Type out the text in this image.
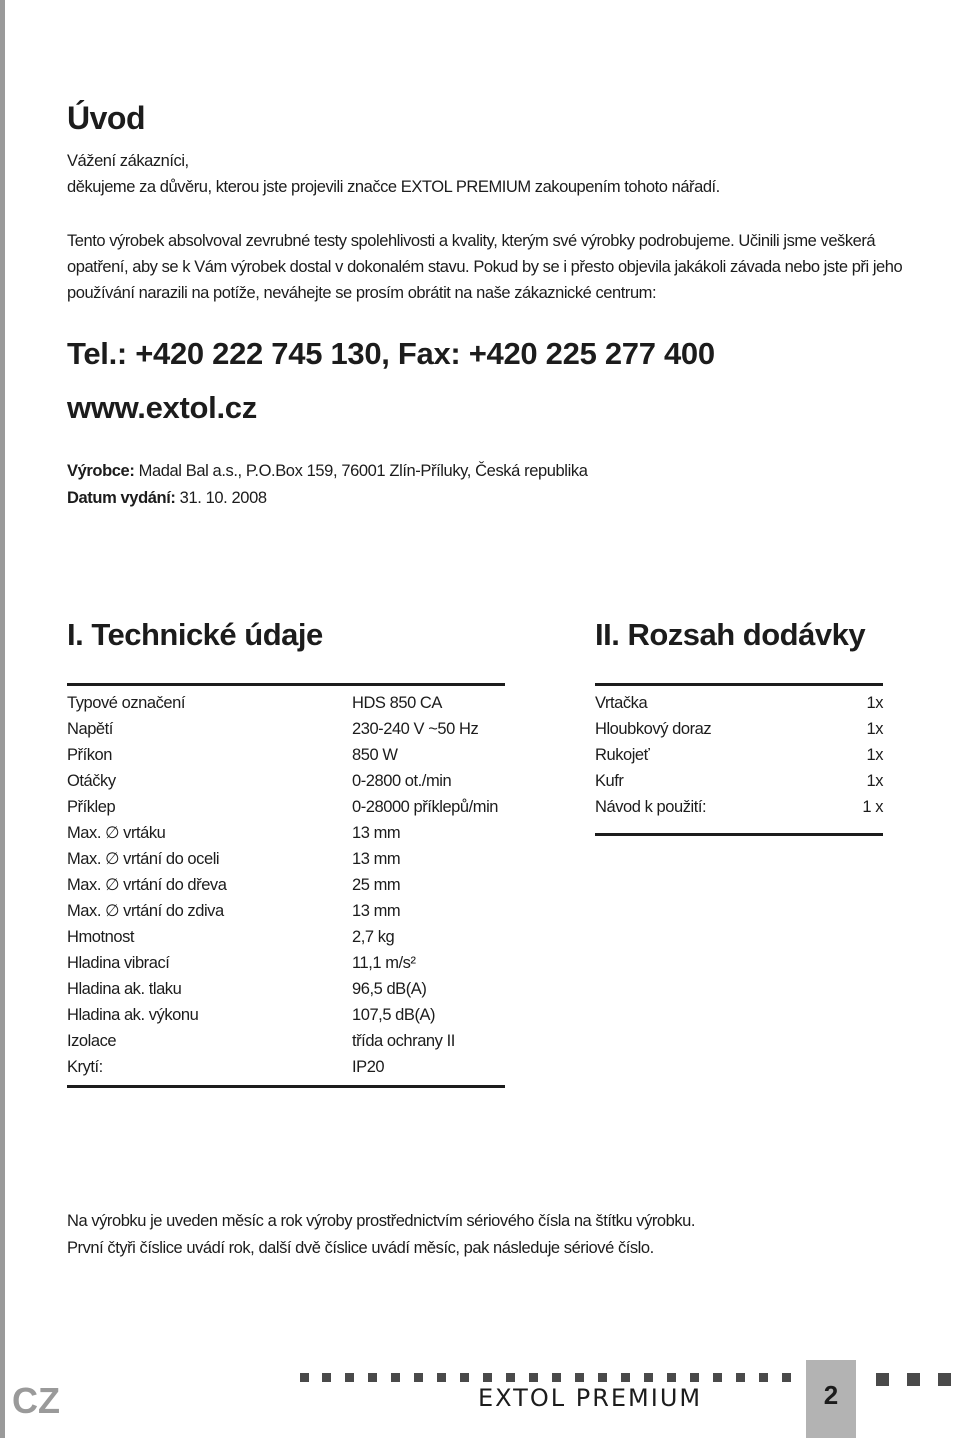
Úvod
Vážení zákazníci,
děkujeme za důvěru, kterou jste projevili značce EXTOL PREMIUM zakoupením tohoto nářadí.
Tento výrobek absolvoval zevrubné testy spolehlivosti a kvality, kterým své výrobky podrobujeme. Učinili jsme veškerá
opatření, aby se k Vám výrobek dostal v dokonalém stavu. Pokud by se i přesto objevila jakákoli závada nebo jste při jeho
používání narazili na potíže, neváhejte se prosím obrátit na naše zákaznické centrum:
Tel.: +420 222 745 130, Fax: +420 225 277 400
www.extol.cz
Výrobce: Madal Bal a.s., P.O.Box 159, 76001 Zlín-Příluky, Česká republika
Datum vydání: 31. 10. 2008
I. Technické údaje	II. Rozsah dodávky
Typové označení	HDS 850 CA
Napětí	230-240 V ~50 Hz
Příkon	850 W
Otáčky	0-2800 ot./min
Příklep	0-28000 příklepů/min
Max. ∅ vrtáku	13 mm
Max. ∅ vrtání do oceli	13 mm
Max. ∅ vrtání do dřeva	25 mm
Max. ∅ vrtání do zdiva	13 mm
Hmotnost	2,7 kg
Hladina vibrací	11,1 m/s²
Hladina ak. tlaku	96,5 dB(A)
Hladina ak. výkonu	107,5 dB(A)
Izolace	třída ochrany II
Krytí:	IP20
Vrtačka	1x
Hloubkový doraz	1x
Rukojeť	1x
Kufr	1x
Návod k použití:	1 x
Na výrobku je uveden měsíc a rok výroby prostřednictvím sériového čísla na štítku výrobku.
První čtyři číslice uvádí rok, další dvě číslice uvádí měsíc, pak následuje sériové číslo.
CZ	EXTOL PREMIUM	2
